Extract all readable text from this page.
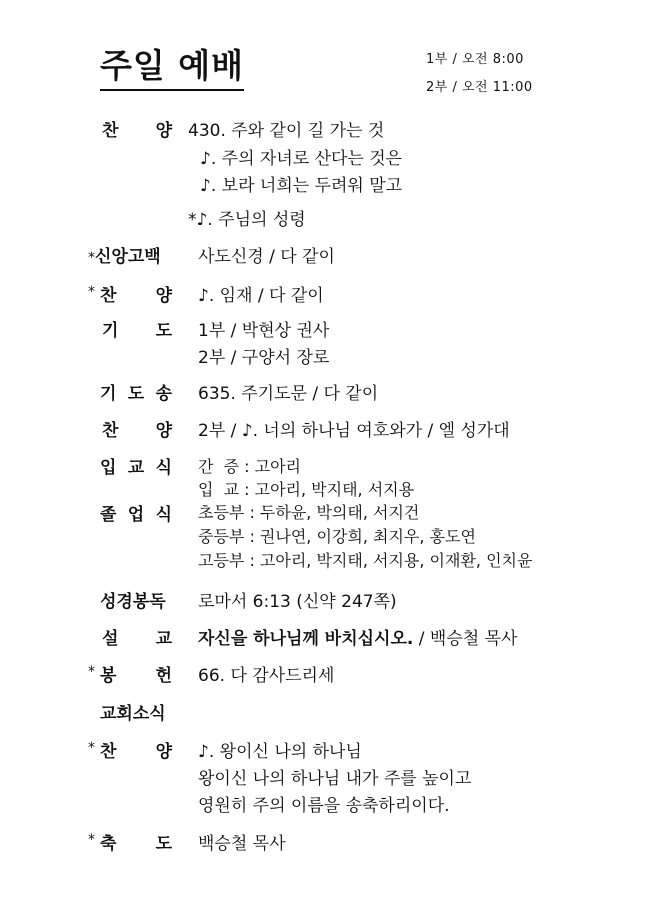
주일 예배	1부 / 오전 8:00
2부 / 오전 11:00
찬 양 430. 주와 같이 길 가는 것
♪. 주의 자녀로 산다는 것은
♪. 보라 너희는 두려워 말고
*♪. 주님의 성령
*신앙고백 사도신경 / 다 같이
* 찬 양 ♪. 임재 / 다 같이
기 도 1부 / 박현상 권사
2부 / 구양서 장로
기 도 송 635. 주기도문 / 다 같이
찬 양 2부 / ♪. 너의 하나님 여호와가 / 엘 성가대
입 교 식 간  증 : 고아리
입  교 : 고아리, 박지태, 서지용
졸 업 식 초등부 : 두하윤, 박의태, 서지건
중등부 : 권나연, 이강희, 최지우, 홍도연
고등부 : 고아리, 박지태, 서지용, 이재환, 인치윤
성경봉독 로마서 6:13 (신약 247쪽)
설 교 자신을 하나님께 바치십시오. / 백승철 목사
* 봉 헌 66. 다 감사드리세
교회소식
* 찬 양 ♪. 왕이신 나의 하나님
왕이신 나의 하나님 내가 주를 높이고
영원히 주의 이름을 송축하리이다.
* 축 도 백승철 목사
